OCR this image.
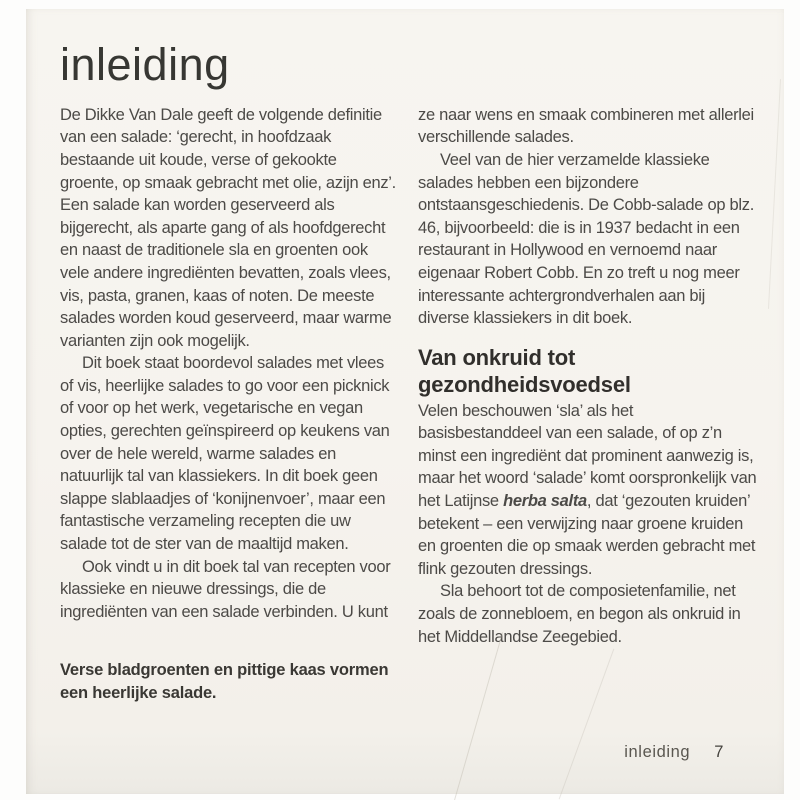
inleiding

De Dikke Van Dale geeft de volgende definitie van een salade: ‘gerecht, in hoofdzaak bestaande uit koude, verse of gekookte groente, op smaak gebracht met olie, azijn enz’. Een salade kan worden geserveerd als bijgerecht, als aparte gang of als hoofdgerecht en naast de traditionele sla en groenten ook vele andere ingrediënten bevatten, zoals vlees, vis, pasta, granen, kaas of noten. De meeste salades worden koud geserveerd, maar warme varianten zijn ook mogelijk.

Dit boek staat boordevol salades met vlees of vis, heerlijke salades to go voor een picknick of voor op het werk, vegetarische en vegan opties, gerechten geïnspireerd op keukens van over de hele wereld, warme salades en natuurlijk tal van klassiekers. In dit boek geen slappe slablaadjes of ‘konijnenvoer’, maar een fantastische verzameling recepten die uw salade tot de ster van de maaltijd maken.

Ook vindt u in dit boek tal van recepten voor klassieke en nieuwe dressings, die de ingrediënten van een salade verbinden. U kunt

ze naar wens en smaak combineren met allerlei verschillende salades.

Veel van de hier verzamelde klassieke salades hebben een bijzondere ontstaansgeschiedenis. De Cobb-salade op blz. 46, bijvoorbeeld: die is in 1937 bedacht in een restaurant in Hollywood en vernoemd naar eigenaar Robert Cobb. En zo treft u nog meer interessante achtergrondverhalen aan bij diverse klassiekers in dit boek.

Van onkruid tot gezondheidsvoedsel

Velen beschouwen ‘sla’ als het basisbestanddeel van een salade, of op z’n minst een ingrediënt dat prominent aanwezig is, maar het woord ‘salade’ komt oorspronkelijk van het Latijnse herba salta, dat ‘gezouten kruiden’ betekent – een verwijzing naar groene kruiden en groenten die op smaak werden gebracht met flink gezouten dressings.

Sla behoort tot de composietenfamilie, net zoals de zonnebloem, en begon als onkruid in het Middellandse Zeegebied.

Verse bladgroenten en pittige kaas vormen een heerlijke salade.
inleiding 7
